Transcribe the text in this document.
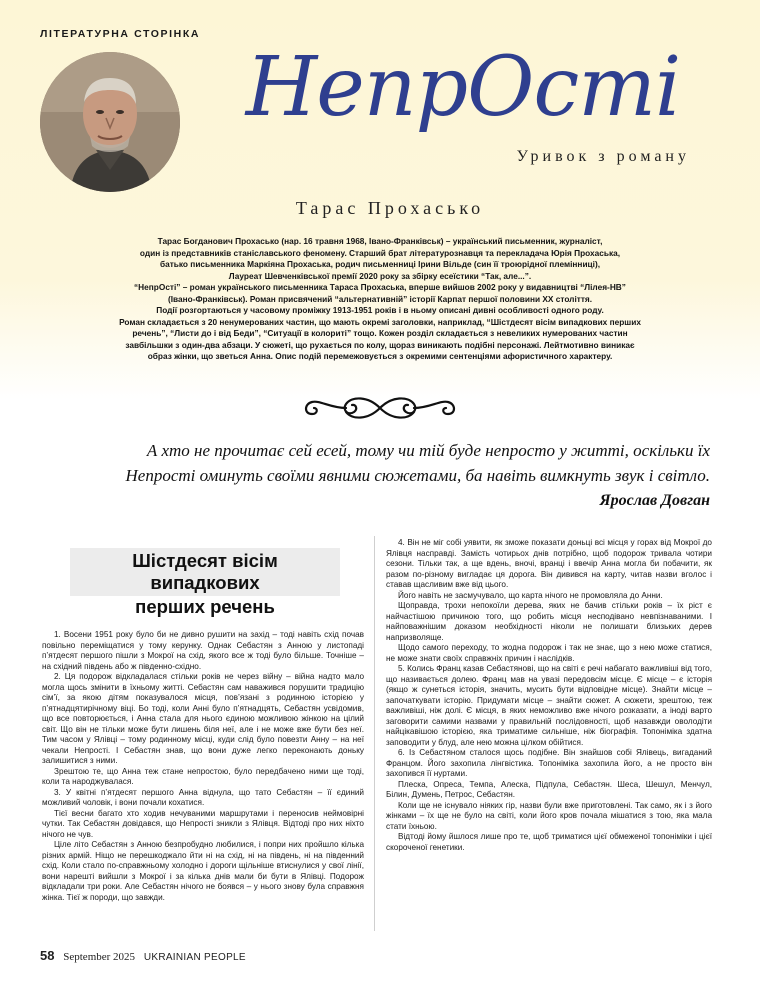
ЛІТЕРАТУРНА СТОРІНКА
НепрОсті
Уривок з роману
Тарас Прохасько

Тарас Богданович Прохасько (нар. 16 травня 1968, Івано-Франківськ) – український письменник, журналіст,

один із представників станіславського феномену. Старший брат літературознавця та перекладача Юрія Прохаська,

батько письменника Маркіяна Прохаська, родич письменниці Ірини Вільде (син її троюрідної племінниці),

Лауреат Шевченківської премії 2020 року за збірку есеїстики “Так, але...”.

“НепрОсті” – роман українського письменника Тараса Прохаська, вперше вийшов 2002 року у видавництві “Лілея-НВ”

(Івано-Франківськ). Роман присвячений “альтернативній” історії Карпат першої половини ХХ століття.

Події розгортаються у часовому проміжку 1913-1951 років і в ньому описані дивні особливості одного роду.

Роман складається з 20 ненумерованих частин, що мають окремі заголовки, наприклад, “Шістдесят вісім випадкових перших

речень”, “Листи до і від Беди”, “Ситуації в колориті” тощо. Кожен розділ складається з невеликих нумерованих частин

завбільшки з один-два абзаци. У сюжеті, що рухається по колу, щораз виникають подібні персонажі. Лейтмотивно виникає

образ жінки, що зветься Анна. Опис подій перемежовується з окремими сентенціями афористичного характеру.

А хто не прочитає сей есей, тому чи тій буде непросто у житті, оскільки їх

Непрості оминуть своїми явними сюжетами, ба навіть вимкнуть звук і світло.

Ярослав Довган

Шістдесят вісім випадкових
перших речень

1. Восени 1951 року було би не дивно рушити на захід – тоді навіть схід почав повільно переміщатися у тому керунку. Однак Себастян з Анною у листопаді п’ятдесят першого пішли з Мокрої на схід, якого все ж тоді було більше. Точніше – на східний південь або ж південно-східно.

2. Ця подорож відкладалася стільки років не через війну – війна надто мало могла щось змінити в їхньому житті. Себастян сам наважився порушити традицію сім’ї, за якою дітям показувалося місця, пов’язані з родинною історією у п’ятнадцятирічному віці. Бо тоді, коли Анні було п’ятнадцять, Себастян усвідомив, що все повторюється, і Анна стала для нього єдиною можливою жінкою на цілий світ. Що він не тільки може бути лишень біля неї, але і не може вже бути без неї. Тим часом у Ялівці – тому родинному місці, куди слід було повезти Анну – на неї чекали Непрості. І Себастян знав, що вони дуже легко переконають доньку залишитися з ними.

Зрештою те, що Анна теж стане непростою, було передбачено ними ще тоді, коли та народжувалася.

3. У квітні п’ятдесят першого Анна віднула, що тато Себастян – її єдиний можливий чоловік, і вони почали кохатися.

Тієї весни багато хто ходив нечуваними маршрутами і переносив неймовірні чутки. Так Себастян довідався, що Непрості зникли з Ялівця. Відтоді про них ніхто нічого не чув.

Ціле літо Себастян з Анною безпробудно любилися, і попри них пройшло кілька різних армій. Ніщо не перешкоджало йти ні на схід, ні на південь, ні на південний схід. Коли стало по-справжньому холодно і дороги щільніше втиснулися у свої лінії, вони нарешті вийшли з Мокрої і за кілька днів мали би бути в Ялівці. Подорож відкладали три роки. Але Себастян нічого не боявся – у нього знову була справжня жінка. Тієї ж породи, що завжди.

4. Він не міг собі уявити, як зможе показати доньці всі місця у горах від Мокрої до Ялівця насправді. Замість чотирьох днів потрібно, щоб подорож тривала чотири сезони. Тільки так, а ще вдень, вночі, вранці і ввечір Анна могла би побачити, як разом по-різному вигладає ця дорога. Він дивився на карту, читав назви вголос і ставав щасливим вже від цього.

Його навіть не засмучувало, що карта нічого не промовляла до Анни.

Щоправда, трохи непокоїли дерева, яких не бачив стільки років – їх ріст є найчастішою причиною того, що робить місця несподівано невпізнаваними. І найповажнішим доказом необхідності ніколи не полишати близьких дерев напризволяще.

Щодо самого переходу, то жодна подорож і так не знає, що з нею може статися, не може знати своїх справжніх причин і наслідків.

5. Колись Франц казав Себастянові, що на світі є речі набагато важливіші від того, що називається долею. Франц мав на увазі передовсім місце. Є місце – є історія (якщо ж сунеться історія, значить, мусить бути відповідне місце). Знайти місце – започаткувати історію. Придумати місце – знайти сюжет. А сюжети, зрештою, теж важливіші, ніж долі. Є місця, в яких неможливо вже нічого розказати, а іноді варто заговорити самими назвами у правильній послідовності, щоб назавжди оволодіти найцікавішою історією, яка триматиме сильніше, ніж біографія. Топоніміка здатна заповодити у блуд, але нею можна цілком обійтися.

6. Із Себастяном сталося щось подібне. Він знайшов собі Ялівець, вигаданий Францом. Його захопила лінгвістика. Топоніміка захопила його, а не просто він захопився її нуртами.

Плеска, Опреса, Темпа, Алеска, Підпула, Себастян. Шеса, Шешул, Менчул, Білин, Думень, Петрос, Себастян.

Коли ще не існувало ніяких гір, назви були вже приготовлені. Так само, як і з його жінками – їх ще не було на світі, коли його кров почала мішатися з тою, яка мала стати їхньою.

Відтоді йому йшлося лише про те, щоб триматися цієї обмеженої топоніміки і цієї скороченої генетики.

58 September 2025 UKRAINIAN PEOPLE
